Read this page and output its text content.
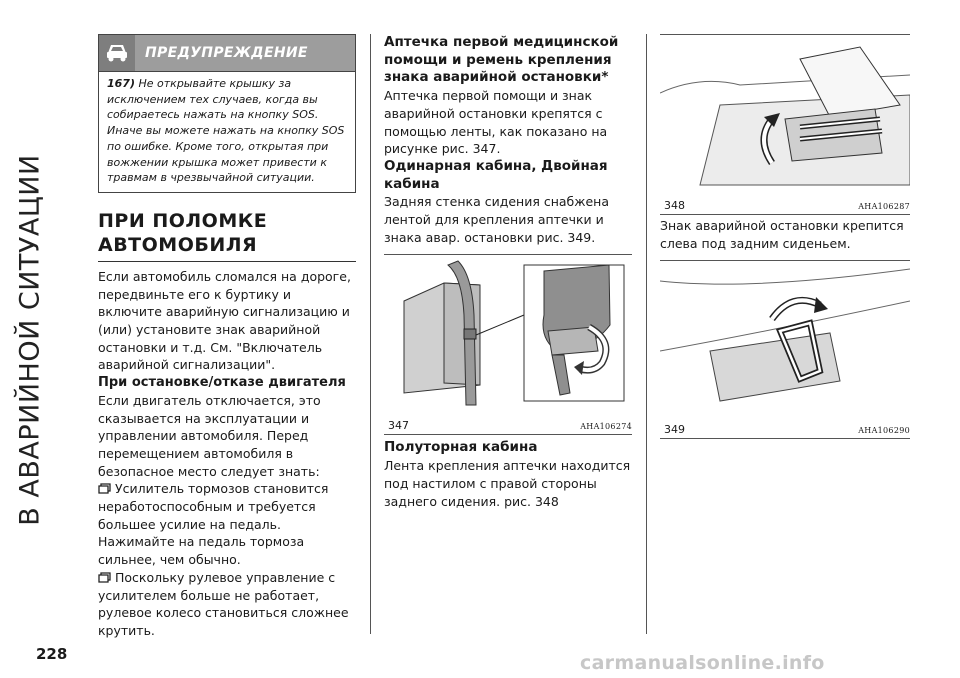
В АВАРИЙНОЙ СИТУАЦИИ
ПРЕДУПРЕЖДЕНИЕ
167) Не открывайте крышку за исключением тех случаев, когда вы собираетесь нажать на кнопку SOS. Иначе вы можете нажать на кнопку SOS по ошибке. Кроме того, открытая при вожжении крышка может привести к травмам в чрезвычайной ситуации.
ПРИ ПОЛОМКЕ АВТОМОБИЛЯ

Если автомобиль сломался на дороге, передвиньте его к буртику и включите аварийную сигнализацию и (или) установите знак аварийной остановки и т.д. См. "Включатель аварийной сигнализации".

При остановке/отказе двигателя

Если двигатель отключается, это сказывается на эксплуатации и управлении автомобиля. Перед перемещением автомобиля в безопасное место следует знать:

Усилитель тормозов становится неработоспособным и требуется большее усилие на педаль. Нажимайте на педаль тормоза сильнее, чем обычно.

Поскольку рулевое управление с усилителем больше не работает, рулевое колесо становиться сложнее крутить.

Аптечка первой медицинской помощи и ремень крепления знака аварийной остановки*

Аптечка первой помощи и знак аварийной остановки крепятся с помощью ленты, как показано на рисунке рис. 347.

Одинарная кабина, Двойная кабина

Задняя стенка сидения снабжена лентой для крепления аптечки и знака авар. остановки рис. 349.

347	AHA106274
Полуторная кабина

Лента крепления аптечки находится под настилом с правой стороны заднего сидения. рис. 348

348	AHA106287

Знак аварийной остановки крепится слева под задним сиденьем.

349	AHA106290
228	carmanualsonline.info
